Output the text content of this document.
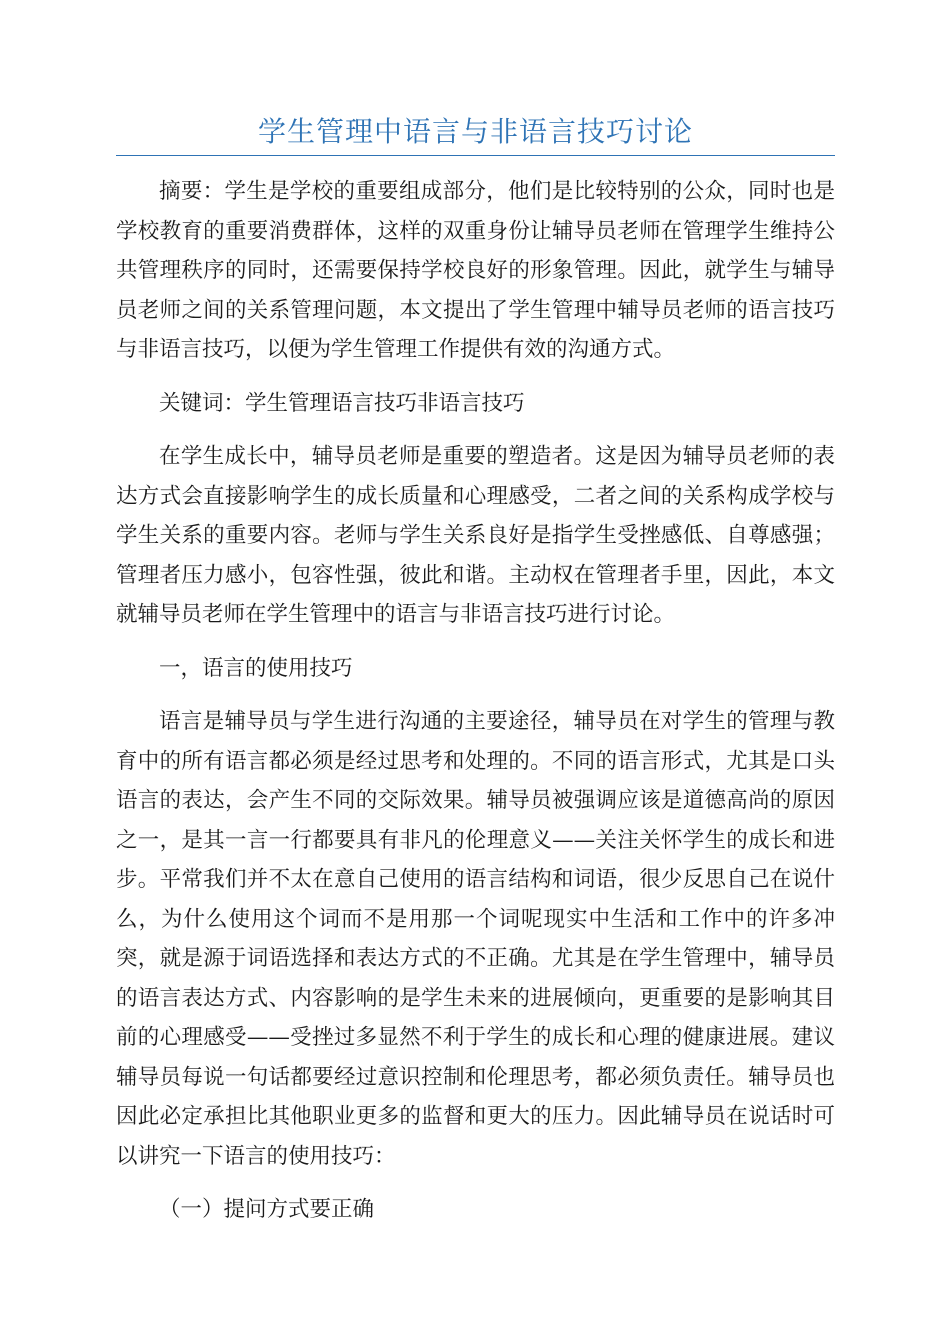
学生管理中语言与非语言技巧讨论

摘要：学生是学校的重要组成部分，他们是比较特别的公众，同时也是学校教育的重要消费群体，这样的双重身份让辅导员老师在管理学生维持公共管理秩序的同时，还需要保持学校良好的形象管理。因此，就学生与辅导员老师之间的关系管理问题，本文提出了学生管理中辅导员老师的语言技巧与非语言技巧，以便为学生管理工作提供有效的沟通方式。

关键词：学生管理语言技巧非语言技巧

在学生成长中，辅导员老师是重要的塑造者。这是因为辅导员老师的表达方式会直接影响学生的成长质量和心理感受，二者之间的关系构成学校与学生关系的重要内容。老师与学生关系良好是指学生受挫感低、自尊感强；管理者压力感小，包容性强，彼此和谐。主动权在管理者手里，因此，本文就辅导员老师在学生管理中的语言与非语言技巧进行讨论。

一，语言的使用技巧

语言是辅导员与学生进行沟通的主要途径，辅导员在对学生的管理与教育中的所有语言都必须是经过思考和处理的。不同的语言形式，尤其是口头语言的表达，会产生不同的交际效果。辅导员被强调应该是道德高尚的原因之一，是其一言一行都要具有非凡的伦理意义——关注关怀学生的成长和进步。平常我们并不太在意自己使用的语言结构和词语，很少反思自己在说什么，为什么使用这个词而不是用那一个词呢现实中生活和工作中的许多冲突，就是源于词语选择和表达方式的不正确。尤其是在学生管理中，辅导员的语言表达方式、内容影响的是学生未来的进展倾向，更重要的是影响其目前的心理感受——受挫过多显然不利于学生的成长和心理的健康进展。建议辅导员每说一句话都要经过意识控制和伦理思考，都必须负责任。辅导员也因此必定承担比其他职业更多的监督和更大的压力。因此辅导员在说话时可以讲究一下语言的使用技巧：

（一）提问方式要正确
